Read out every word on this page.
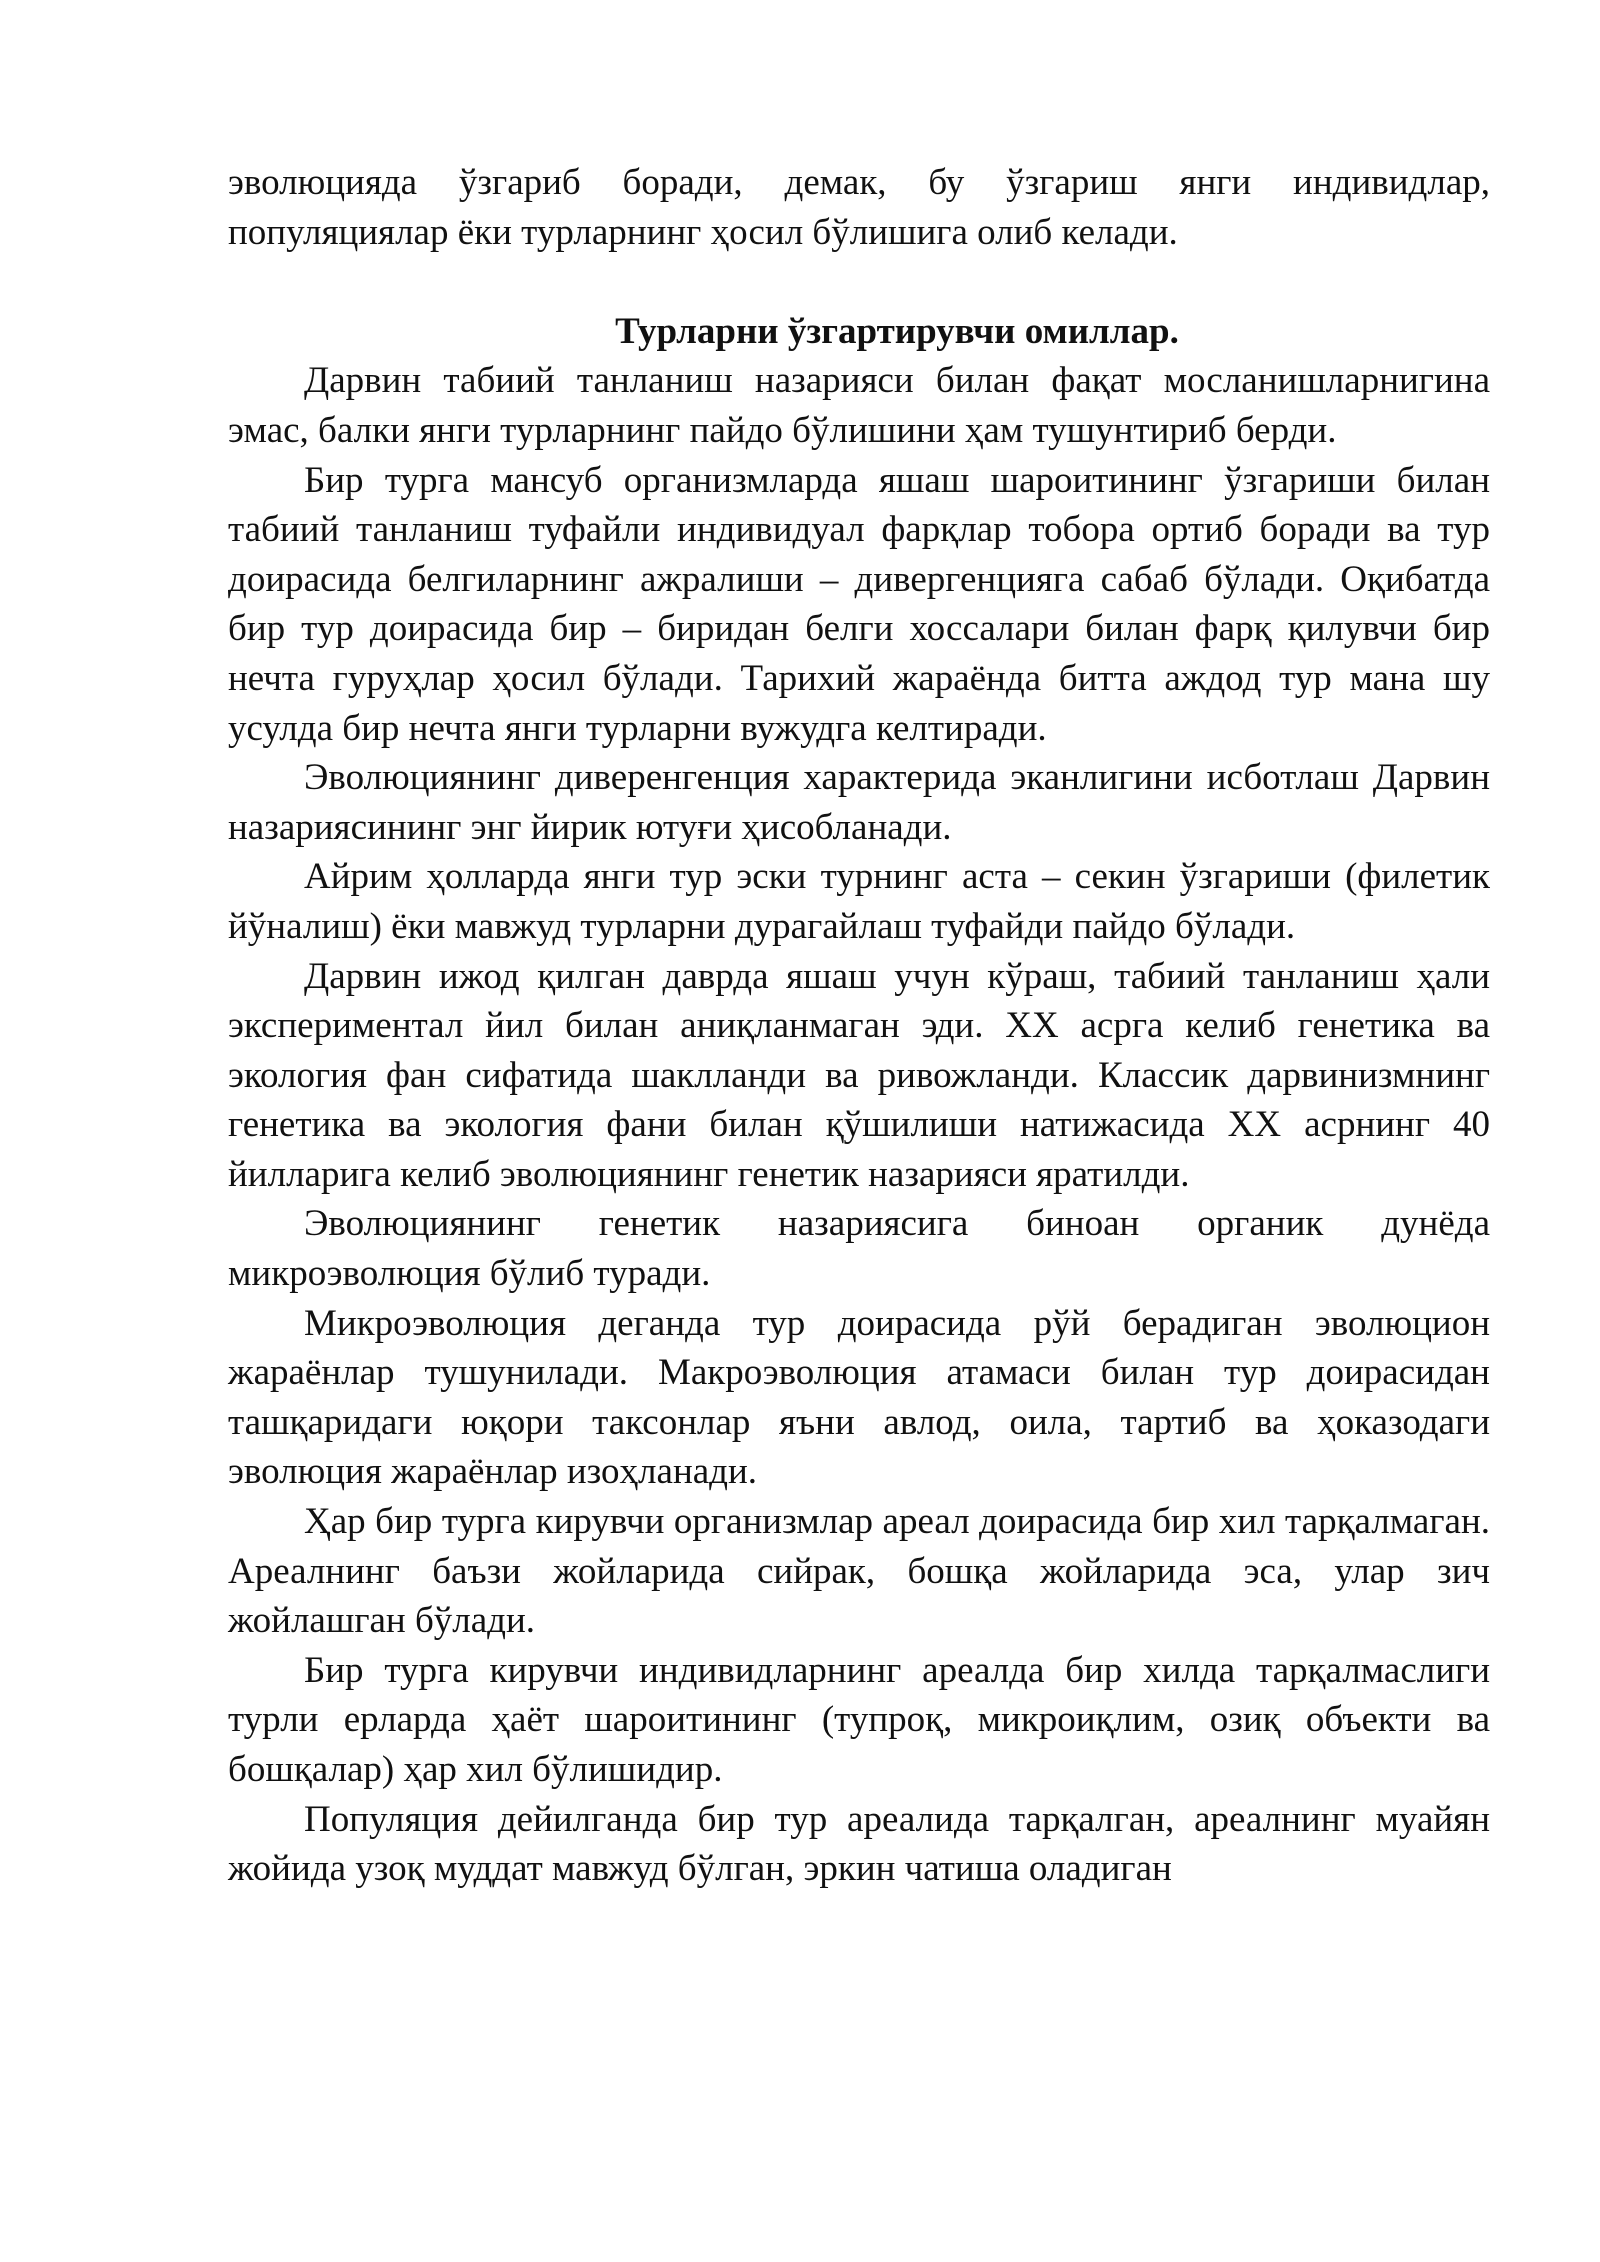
эволюцияда ўзгариб боради, демак, бу ўзгариш янги индивидлар, популяциялар ёки турларнинг ҳосил бўлишига олиб келади.

Турларни ўзгартирувчи омиллар.

Дарвин табиий танланиш назарияси билан фақат мосланишларнигина эмас, балки янги турларнинг пайдо бўлишини ҳам тушунтириб берди.

Бир турга мансуб организмларда яшаш шароитининг ўзгариши билан табиий танланиш туфайли индивидуал фарқлар тобора ортиб боради ва тур доирасида белгиларнинг ажралиши – дивергенцияга сабаб бўлади. Оқибатда бир тур доирасида бир – биридан белги хоссалари билан фарқ қилувчи бир нечта гуруҳлар ҳосил бўлади. Тарихий жараёнда битта аждод тур мана шу усулда бир нечта янги турларни вужудга келтиради.

Эволюциянинг диверенгенция характерида эканлигини исботлаш Дарвин назариясининг энг йирик ютуғи ҳисобланади.

Айрим ҳолларда янги тур эски турнинг аста – секин ўзгариши (филетик йўналиш) ёки мавжуд турларни дурагайлаш туфайди пайдо бўлади.

Дарвин ижод қилган даврда яшаш учун кўраш, табиий танланиш ҳали экспериментал йил билан аниқланмаган эди. XX асрга келиб генетика ва экология фан сифатида шаклланди ва ривожланди. Классик дарвинизмнинг генетика ва экология фани билан қўшилиши натижасида XX асрнинг 40 йилларига келиб эволюциянинг генетик назарияси яратилди.

Эволюциянинг генетик назариясига биноан органик дунёда микроэволюция бўлиб туради.

Микроэволюция деганда тур доирасида рўй берадиган эволюцион жараёнлар тушунилади. Макроэволюция атамаси билан тур доирасидан ташқаридаги юқори таксонлар яъни авлод, оила, тартиб ва ҳоказодаги эволюция жараёнлар изоҳланади.

Ҳар бир турга кирувчи организмлар ареал доирасида бир хил тарқалмаган. Ареалнинг баъзи жойларида сийрак, бошқа жойларида эса, улар зич жойлашган бўлади.

Бир турга кирувчи индивидларнинг ареалда бир хилда тарқалмаслиги турли ерларда ҳаёт шароитининг (тупроқ, микроиқлим, озиқ объекти ва бошқалар) ҳар хил бўлишидир.

Популяция дейилганда бир тур ареалида тарқалган, ареалнинг муайян жойида узоқ муддат мавжуд бўлган, эркин чатиша оладиган
